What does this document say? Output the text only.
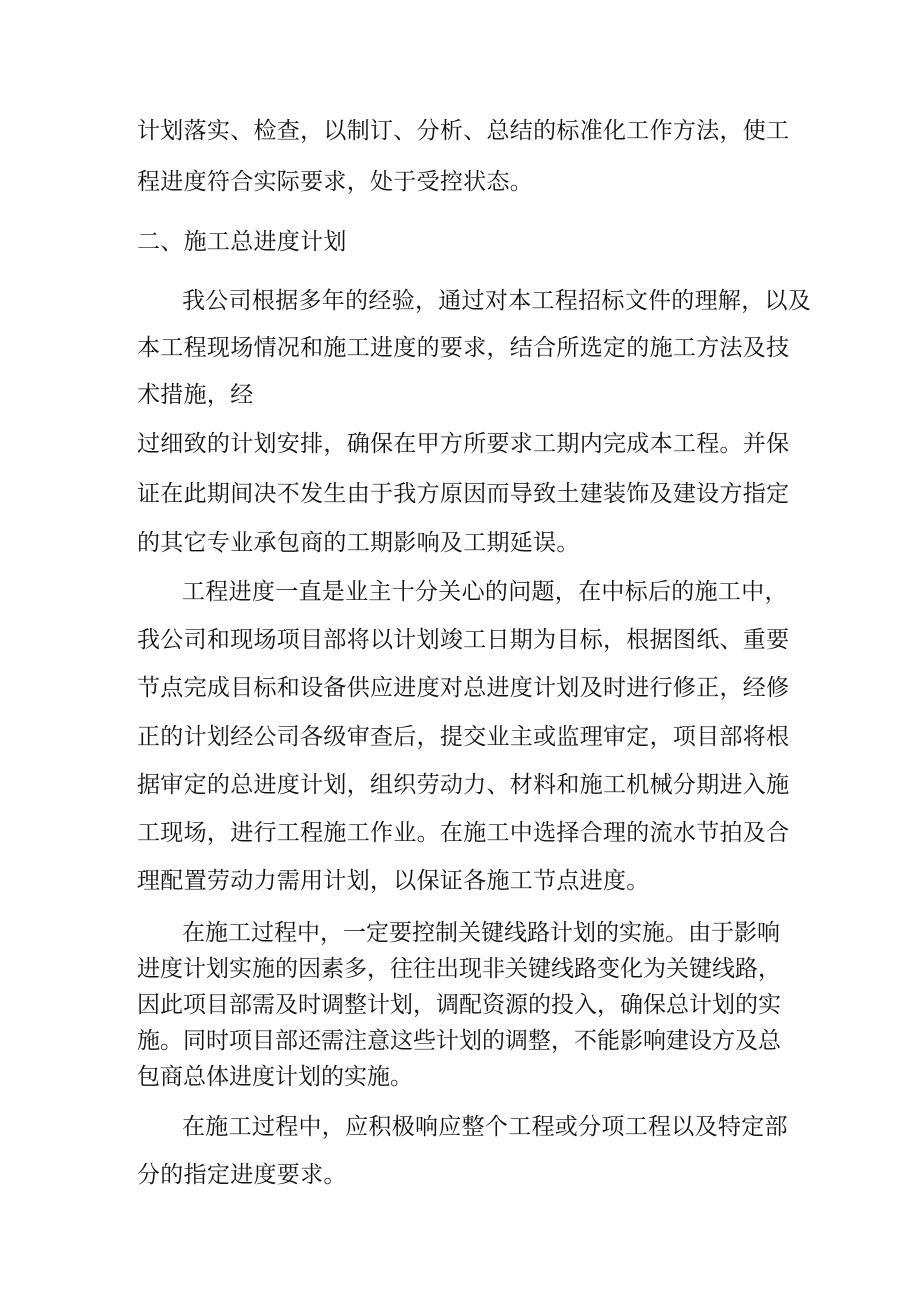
计划落实、检查，以制订、分析、总结的标准化工作方法，使工
程进度符合实际要求，处于受控状态。
二、施工总进度计划
我公司根据多年的经验，通过对本工程招标文件的理解，以及
本工程现场情况和施工进度的要求，结合所选定的施工方法及技
术措施，经
过细致的计划安排，确保在甲方所要求工期内完成本工程。并保
证在此期间决不发生由于我方原因而导致土建装饰及建设方指定
的其它专业承包商的工期影响及工期延误。
工程进度一直是业主十分关心的问题，在中标后的施工中，
我公司和现场项目部将以计划竣工日期为目标，根据图纸、重要
节点完成目标和设备供应进度对总进度计划及时进行修正，经修
正的计划经公司各级审查后，提交业主或监理审定，项目部将根
据审定的总进度计划，组织劳动力、材料和施工机械分期进入施
工现场，进行工程施工作业。在施工中选择合理的流水节拍及合
理配置劳动力需用计划，以保证各施工节点进度。
在施工过程中，一定要控制关键线路计划的实施。由于影响
进度计划实施的因素多，往往出现非关键线路变化为关键线路，
因此项目部需及时调整计划，调配资源的投入，确保总计划的实
施。同时项目部还需注意这些计划的调整，不能影响建设方及总
包商总体进度计划的实施。
在施工过程中，应积极响应整个工程或分项工程以及特定部
分的指定进度要求。
